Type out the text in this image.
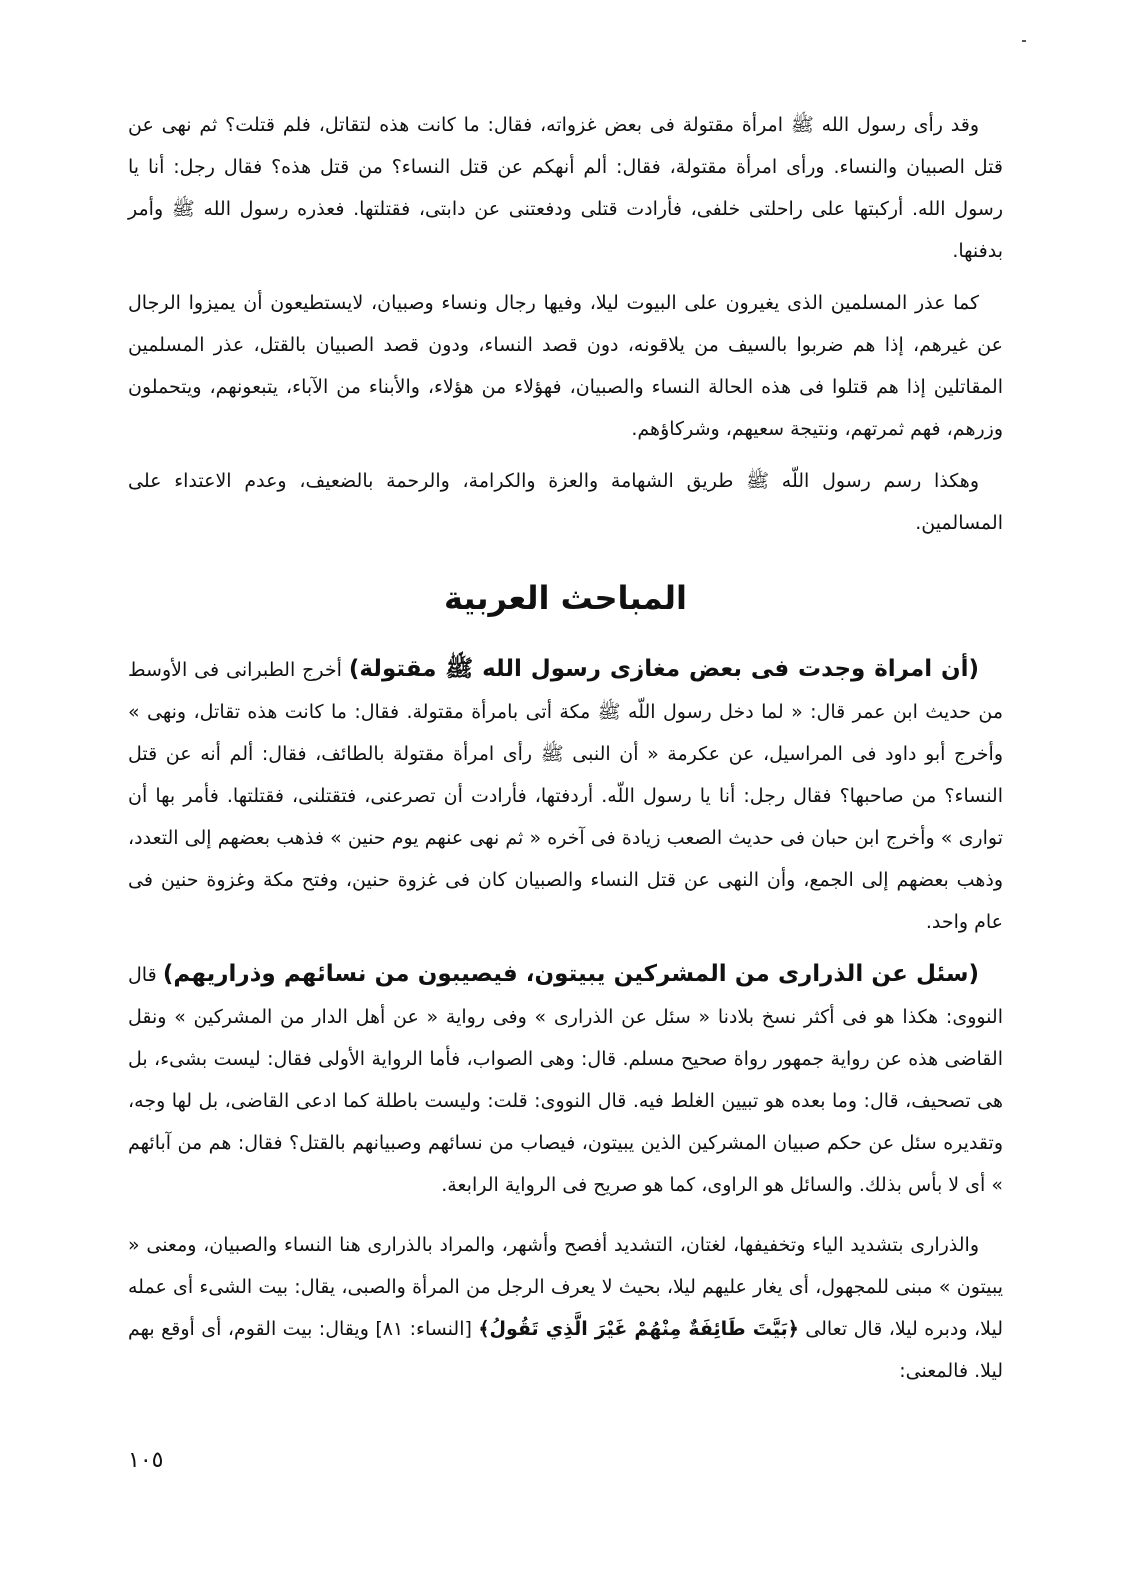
وقد رأى رسول الله ﷺ امرأة مقتولة فى بعض غزواته، فقال: ما كانت هذه لتقاتل، فلم قتلت؟ ثم نهى عن قتل الصبيان والنساء. ورأى امرأة مقتولة، فقال: ألم أنهكم عن قتل النساء؟ من قتل هذه؟ فقال رجل: أنا يا رسول الله. أركبتها على راحلتى خلفى، فأرادت قتلى ودفعتنى عن دابتى، فقتلتها. فعذره رسول الله ﷺ وأمر بدفنها.

كما عذر المسلمين الذى يغيرون على البيوت ليلا، وفيها رجال ونساء وصبيان، لايستطيعون أن يميزوا الرجال عن غيرهم، إذا هم ضربوا بالسيف من يلاقونه، دون قصد النساء، ودون قصد الصبيان بالقتل، عذر المسلمين المقاتلين إذا هم قتلوا فى هذه الحالة النساء والصبيان، فهؤلاء من هؤلاء، والأبناء من الآباء، يتبعونهم، ويتحملون وزرهم، فهم ثمرتهم، ونتيجة سعيهم، وشركاؤهم.

وهكذا رسم رسول اللّه ﷺ طريق الشهامة والعزة والكرامة، والرحمة بالضعيف، وعدم الاعتداء على المسالمين.

المباحث العربية

(أن امراة وجدت فى بعض مغازى رسول الله ﷺ مقتولة) أخرج الطبرانى فى الأوسط من حديث ابن عمر قال: « لما دخل رسول اللّه ﷺ مكة أتى بامرأة مقتولة. فقال: ما كانت هذه تقاتل، ونهى » وأخرج أبو داود فى المراسيل، عن عكرمة « أن النبى ﷺ رأى امرأة مقتولة بالطائف، فقال: ألم أنه عن قتل النساء؟ من صاحبها؟ فقال رجل: أنا يا رسول اللّه. أردفتها، فأرادت أن تصرعنى، فتقتلنى، فقتلتها. فأمر بها أن توارى » وأخرج ابن حبان فى حديث الصعب زيادة فى آخره « ثم نهى عنهم يوم حنين » فذهب بعضهم إلى التعدد، وذهب بعضهم إلى الجمع، وأن النهى عن قتل النساء والصبيان كان فى غزوة حنين، وفتح مكة وغزوة حنين فى عام واحد.

(سئل عن الذرارى من المشركين يبيتون، فيصيبون من نسائهم وذراريهم) قال النووى: هكذا هو فى أكثر نسخ بلادنا « سئل عن الذرارى » وفى رواية « عن أهل الدار من المشركين » ونقل القاضى هذه عن رواية جمهور رواة صحيح مسلم. قال: وهى الصواب، فأما الرواية الأولى فقال: ليست بشىء، بل هى تصحيف، قال: وما بعده هو تبيين الغلط فيه. قال النووى: قلت: وليست باطلة كما ادعى القاضى، بل لها وجه، وتقديره سئل عن حكم صبيان المشركين الذين يبيتون، فيصاب من نسائهم وصبيانهم بالقتل؟ فقال: هم من آبائهم » أى لا بأس بذلك. والسائل هو الراوى، كما هو صريح فى الرواية الرابعة.

والذرارى بتشديد الياء وتخفيفها، لغتان، التشديد أفصح وأشهر، والمراد بالذرارى هنا النساء والصبيان، ومعنى « يبيتون » مبنى للمجهول، أى يغار عليهم ليلا، بحيث لا يعرف الرجل من المرأة والصبى، يقال: بيت الشىء أى عمله ليلا، ودبره ليلا، قال تعالى ﴿بَيَّتَ طَائِفَةٌ مِنْهُمْ غَيْرَ الَّذِي تَقُولُ﴾ [النساء: ٨١] ويقال: بيت القوم، أى أوقع بهم ليلا. فالمعنى:

١٠٥
